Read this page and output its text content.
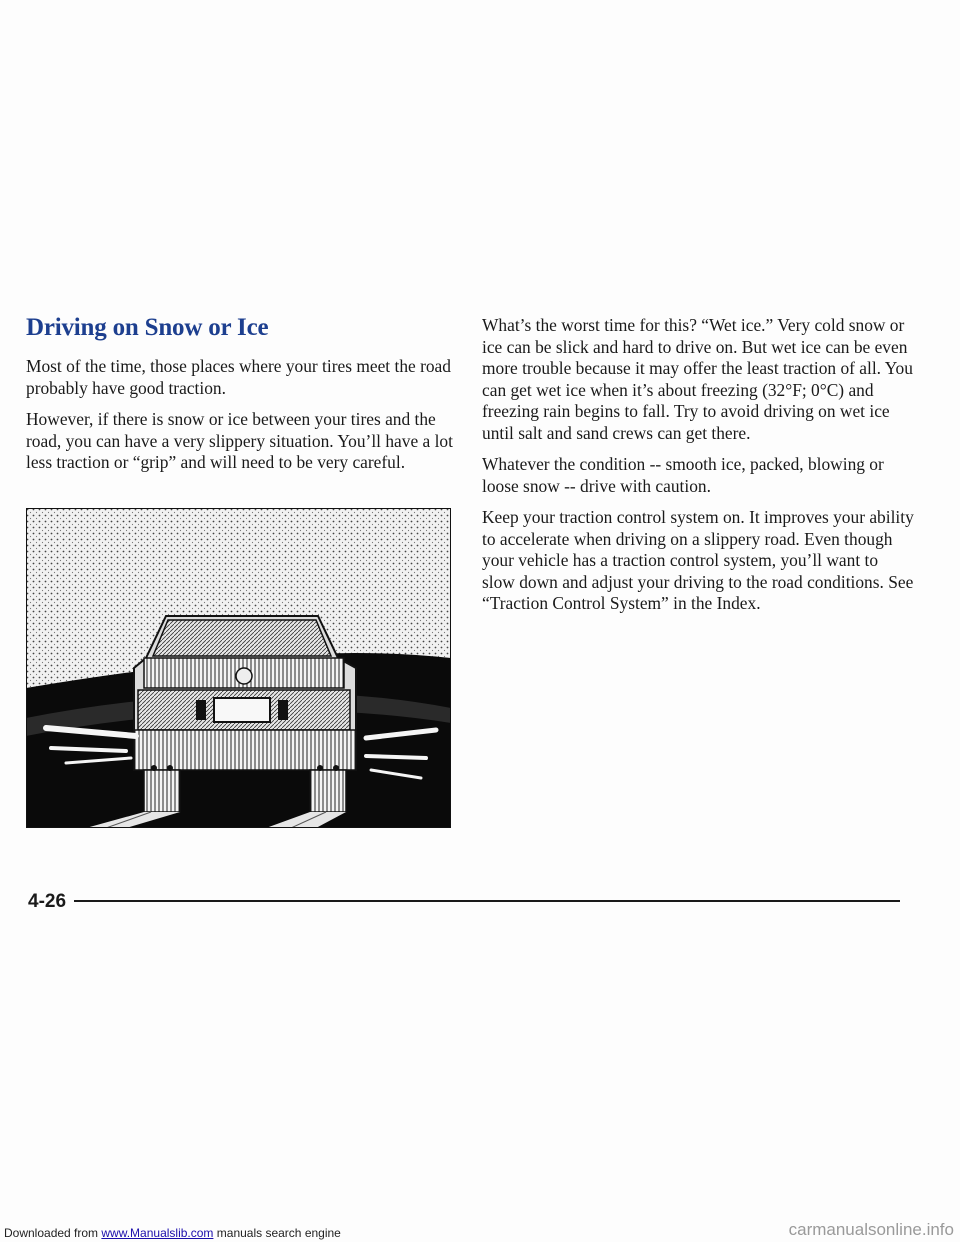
Driving on Snow or Ice

Most of the time, those places where your tires meet the road probably have good traction.

However, if there is snow or ice between your tires and the road, you can have a very slippery situation. You’ll have a lot less traction or “grip” and will need to be very careful.

What’s the worst time for this? “Wet ice.” Very cold snow or ice can be slick and hard to drive on. But wet ice can be even more trouble because it may offer the least traction of all. You can get wet ice when it’s about freezing (32°F; 0°C) and freezing rain begins to fall. Try to avoid driving on wet ice until salt and sand crews can get there.

Whatever the condition -- smooth ice, packed, blowing or loose snow -- drive with caution.

Keep your traction control system on. It improves your ability to accelerate when driving on a slippery road. Even though your vehicle has a traction control system, you’ll want to slow down and adjust your driving to the road conditions. See “Traction Control System” in the Index.

4-26
Downloaded from www.Manualslib.com manuals search engine	carmanualsonline.info
